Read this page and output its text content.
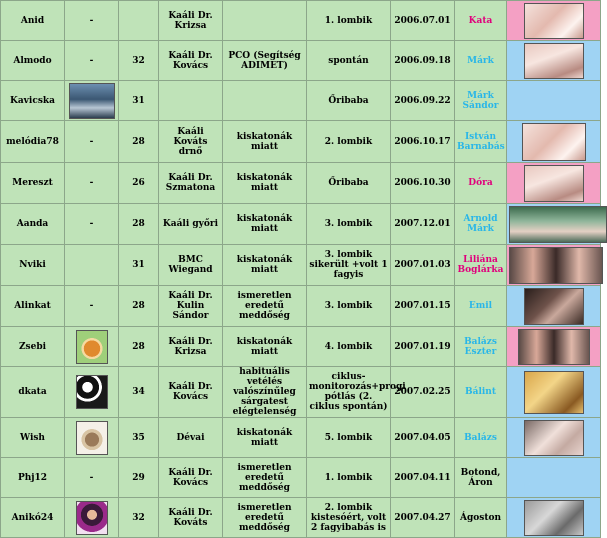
Anid	-		Kaáli Dr. Krizsa		1. lombik	2006.07.01	Kata	
Almodo	-	32	Kaáli Dr. Kovács	PCO (Segítség ADIMET)	spontán	2006.09.18	Márk	
Kavicska		31			Őribaba	2006.09.22	Márk Sándor	
melódia78	-	28	Kaáli Kováts drnő	kiskatonák miatt	2. lombik	2006.10.17	István Barnabás	
Mereszt	-	26	Kaáli Dr. Szmatona	kiskatonák miatt	Őribaba	2006.10.30	Dóra	
Aanda	-	28	Kaáli győri	kiskatonák miatt	3. lombik	2007.12.01	Arnold Márk	
Nviki		31	BMC Wiegand	kiskatonák miatt	3. lombik sikerült +volt 1 fagyis	2007.01.03	Liliána Boglárka	
Alinkat	-	28	Kaáli Dr. Kulin Sándor	ismeretlen eredetű meddőség	3. lombik	2007.01.15	Emil	
Zsebi		28	Kaáli Dr. Krizsa	kiskatonák miatt	4. lombik	2007.01.19	Balázs Eszter	
dkata		34	Kaáli Dr. Kovács	habituális vetélés valószínűleg sárgatest elégtelenség	ciklus-monitorozás+progi pótlás (2. ciklus spontán)	2007.02.25	Bálint	
Wish		35	Dévai	kiskatonák miatt	5. lombik	2007.04.05	Balázs	
Phj12	-	29	Kaáli Dr. Kovács	ismeretlen eredetű meddőség	1. lombik	2007.04.11	Botond, Áron	
Anikó24		32	Kaáli Dr. Kováts	ismeretlen eredetű meddőség	2. lombik kistesóért, volt 2 fagyibabás is	2007.04.27	Ágoston	
